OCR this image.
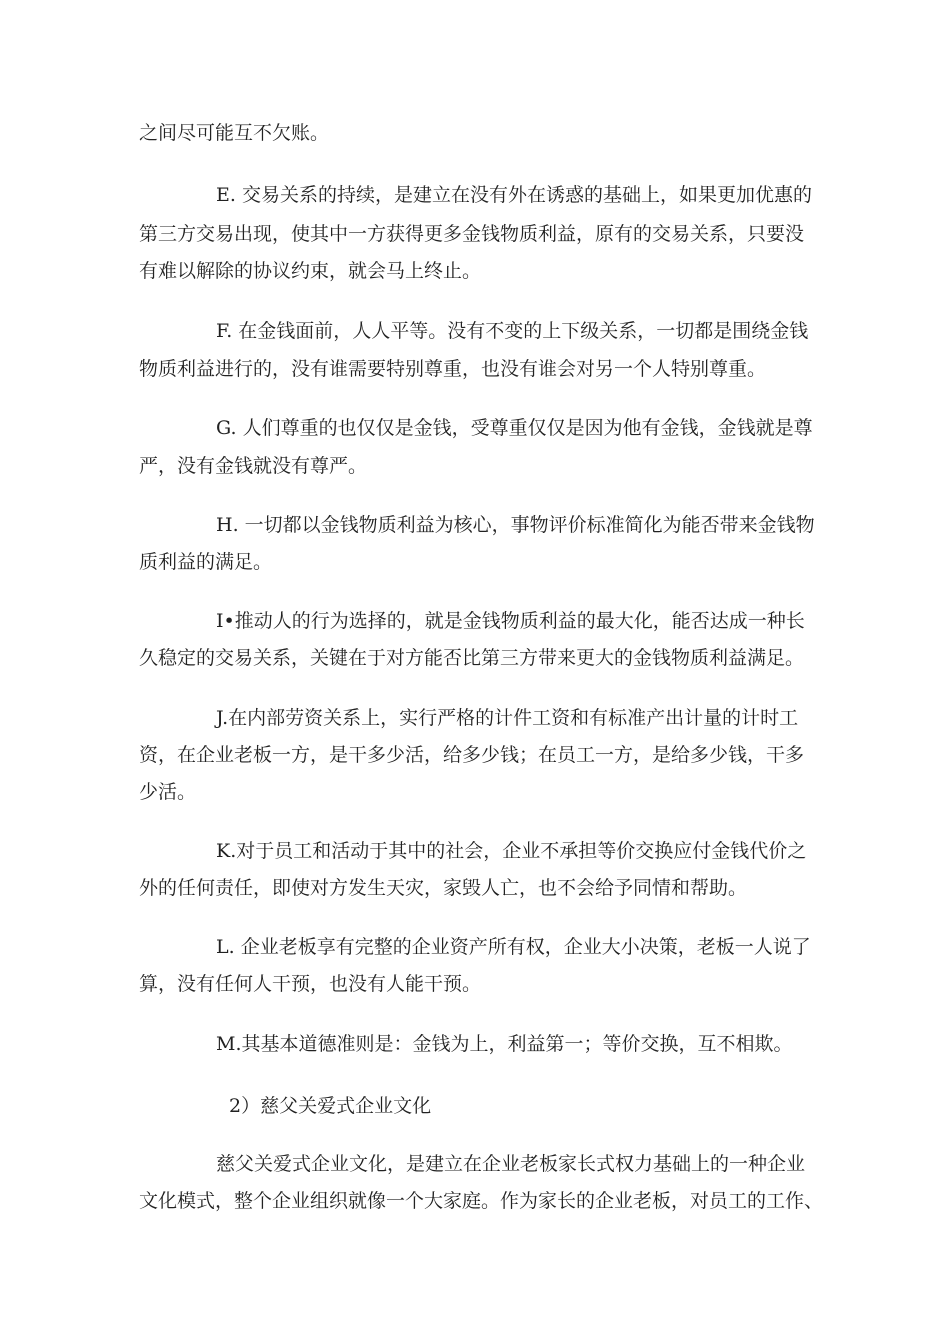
之间尽可能互不欠账。

E. 交易关系的持续，是建立在没有外在诱惑的基础上，如果更加优惠的

第三方交易出现，使其中一方获得更多金钱物质利益，原有的交易关系，只要没

有难以解除的协议约束，就会马上终止。

F. 在金钱面前，人人平等。没有不变的上下级关系，一切都是围绕金钱

物质利益进行的，没有谁需要特别尊重，也没有谁会对另一个人特别尊重。

G. 人们尊重的也仅仅是金钱，受尊重仅仅是因为他有金钱，金钱就是尊

严，没有金钱就没有尊严。

H. 一切都以金钱物质利益为核心，事物评价标准简化为能否带来金钱物

质利益的满足。

I•推动人的行为选择的，就是金钱物质利益的最大化，能否达成一种长

久稳定的交易关系，关键在于对方能否比第三方带来更大的金钱物质利益满足。

J.在内部劳资关系上，实行严格的计件工资和有标准产出计量的计时工

资，在企业老板一方，是干多少活，给多少钱；在员工一方，是给多少钱，干多

少活。

K.对于员工和活动于其中的社会，企业不承担等价交换应付金钱代价之

外的任何责任，即使对方发生天灾，家毁人亡，也不会给予同情和帮助。

L. 企业老板享有完整的企业资产所有权，企业大小决策，老板一人说了

算，没有任何人干预，也没有人能干预。

M.其基本道德准则是：金钱为上，利益第一；等价交换，互不相欺。

2）慈父关爱式企业文化

慈父关爱式企业文化，是建立在企业老板家长式权力基础上的一种企业

文化模式，整个企业组织就像一个大家庭。作为家长的企业老板，对员工的工作、
